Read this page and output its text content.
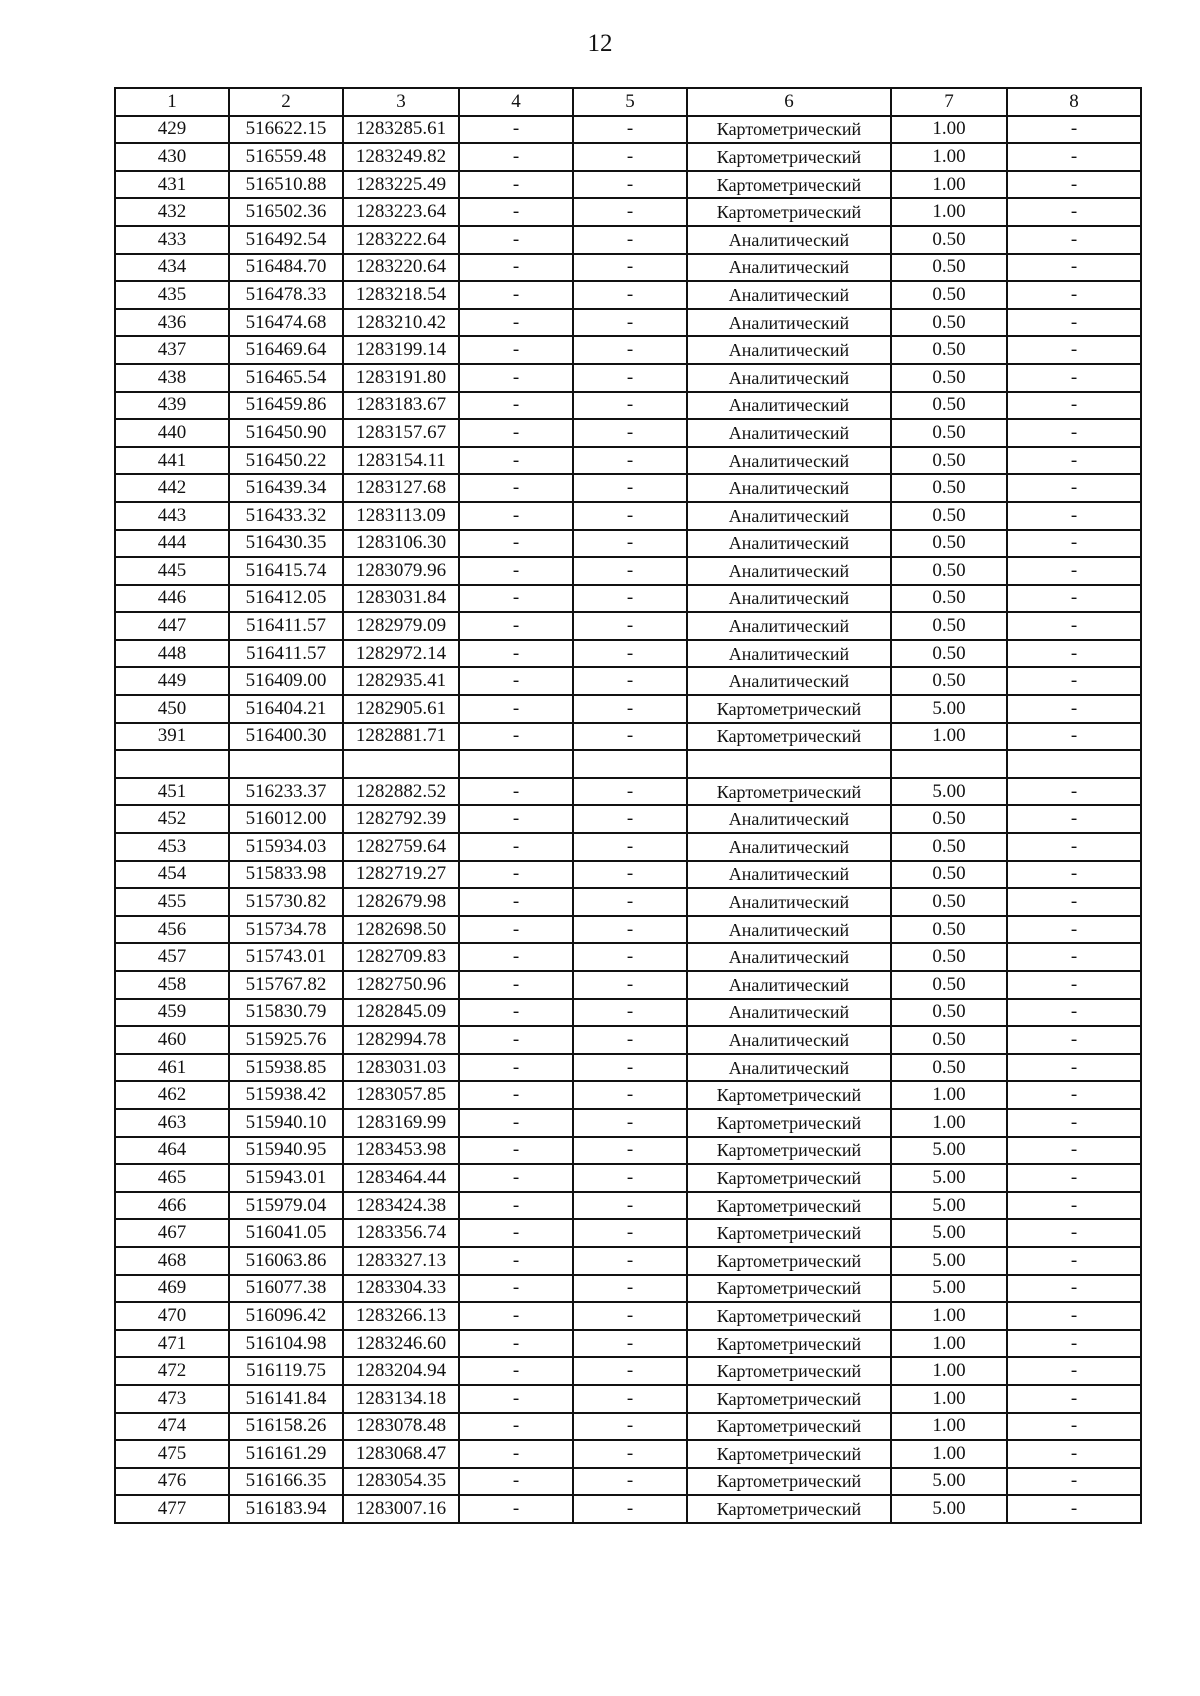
12
1	2	3	4	5	6	7	8
429	516622.15	1283285.61	-	-	Картометрический	1.00	-
430	516559.48	1283249.82	-	-	Картометрический	1.00	-
431	516510.88	1283225.49	-	-	Картометрический	1.00	-
432	516502.36	1283223.64	-	-	Картометрический	1.00	-
433	516492.54	1283222.64	-	-	Аналитический	0.50	-
434	516484.70	1283220.64	-	-	Аналитический	0.50	-
435	516478.33	1283218.54	-	-	Аналитический	0.50	-
436	516474.68	1283210.42	-	-	Аналитический	0.50	-
437	516469.64	1283199.14	-	-	Аналитический	0.50	-
438	516465.54	1283191.80	-	-	Аналитический	0.50	-
439	516459.86	1283183.67	-	-	Аналитический	0.50	-
440	516450.90	1283157.67	-	-	Аналитический	0.50	-
441	516450.22	1283154.11	-	-	Аналитический	0.50	-
442	516439.34	1283127.68	-	-	Аналитический	0.50	-
443	516433.32	1283113.09	-	-	Аналитический	0.50	-
444	516430.35	1283106.30	-	-	Аналитический	0.50	-
445	516415.74	1283079.96	-	-	Аналитический	0.50	-
446	516412.05	1283031.84	-	-	Аналитический	0.50	-
447	516411.57	1282979.09	-	-	Аналитический	0.50	-
448	516411.57	1282972.14	-	-	Аналитический	0.50	-
449	516409.00	1282935.41	-	-	Аналитический	0.50	-
450	516404.21	1282905.61	-	-	Картометрический	5.00	-
391	516400.30	1282881.71	-	-	Картометрический	1.00	-

451	516233.37	1282882.52	-	-	Картометрический	5.00	-
452	516012.00	1282792.39	-	-	Аналитический	0.50	-
453	515934.03	1282759.64	-	-	Аналитический	0.50	-
454	515833.98	1282719.27	-	-	Аналитический	0.50	-
455	515730.82	1282679.98	-	-	Аналитический	0.50	-
456	515734.78	1282698.50	-	-	Аналитический	0.50	-
457	515743.01	1282709.83	-	-	Аналитический	0.50	-
458	515767.82	1282750.96	-	-	Аналитический	0.50	-
459	515830.79	1282845.09	-	-	Аналитический	0.50	-
460	515925.76	1282994.78	-	-	Аналитический	0.50	-
461	515938.85	1283031.03	-	-	Аналитический	0.50	-
462	515938.42	1283057.85	-	-	Картометрический	1.00	-
463	515940.10	1283169.99	-	-	Картометрический	1.00	-
464	515940.95	1283453.98	-	-	Картометрический	5.00	-
465	515943.01	1283464.44	-	-	Картометрический	5.00	-
466	515979.04	1283424.38	-	-	Картометрический	5.00	-
467	516041.05	1283356.74	-	-	Картометрический	5.00	-
468	516063.86	1283327.13	-	-	Картометрический	5.00	-
469	516077.38	1283304.33	-	-	Картометрический	5.00	-
470	516096.42	1283266.13	-	-	Картометрический	1.00	-
471	516104.98	1283246.60	-	-	Картометрический	1.00	-
472	516119.75	1283204.94	-	-	Картометрический	1.00	-
473	516141.84	1283134.18	-	-	Картометрический	1.00	-
474	516158.26	1283078.48	-	-	Картометрический	1.00	-
475	516161.29	1283068.47	-	-	Картометрический	1.00	-
476	516166.35	1283054.35	-	-	Картометрический	5.00	-
477	516183.94	1283007.16	-	-	Картометрический	5.00	-
